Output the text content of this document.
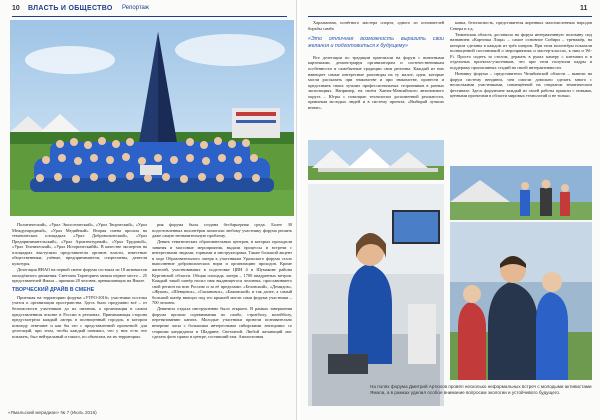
10 ВЛАСТЬ И ОБЩЕСТВО Репортаж

Политический», «Урал Экологический», «Урал Творческий», «Урал Международный», «Урал Медийный». Вторая смена прошла на тематических площадках «Урал Добровольческий», «Урал Предпринимательский», «Урал Архитектурный», «Урал Трудовой», «Урал Технический», «Урал Историческийй». В качестве экспертов на площадках выступили представители органов власти, известные общественники, учёные, предприниматели, спортсмены, деятели культуры.

Делегация ЯНАО на первой смене форума состояла из 18 активистов молодёжного движения. Светлана Тараторина заняла первое место – 25 представителей Ямала – приняли 20 человек, превышающих на Ямале.

ТВОРЧЕСКИЙ ДРАЙВ В СМЕНЕ

Приезжая на территорию форума «УТРО-2016» участники поселка учатся к организации пространства. Здесь было продумано всё – от безопасности участников до их питания, а организация в самом представленном вполне в России в регионах. Принимающая сторона предусмотрела каждый лагерь в полноценный городок, в котором повсюду отвечают и как бы это с представленной проектной: для делегаций, при этом, чтобы каждый понимал, что у них есть что показать, был нейтральный и такого, по объектам, на их территории.

рия форума была создана бесбарьерная среда. Более 30 подготовленных волонтёров помогали любому участнику форума решить даже самую незначительную проблему.

Девять тематических образовательных центров, в которых проходили занятия и массовые мероприятия, выдали процессы и встречи с интересными людьми, горными и инструкторами. Также большой акцент в ходе Образовательного лагеря к участникам Уральского форума стало выполнение добровольческих норм и организацию проходов. Кроме жителей, участвовавших в подготовке ЦВН 4 в Шумакове района Курганской области. Общая площадь лагеря – 1700 квадратных метров. Каждый такой шатёр носил имя выдающегося человека, прославившего свой регион на всю Россию и за её пределами: «Беловский», «Демидов», «Жуков», «Шевцовск», «Сыпановск», «Бажовский» и так далее, а самый большой шатёр вмещал под его крышей могли сами форума участники – 700 человек.

Девятисы отдыха инструктивно было открыто. В рамках завершения форума прошли соревнования по самбо, стритболу, волейболу, перетягиванию каната. Молодые участники провели познавательно вечерние часы с большими интересными сибирскими лекторами: со старшим кандидатом в Шадрине, Светланой. Любой желающий мог сделать фото прямо в центре, гостивший там. Аналогичная

«Ямальский меридиан» № 7 (Июль 2016)
11

Харламовна, почётного мастера спорта, одного из основателей борьбы самбо

«Это отличная возможность выразить свои желания и подготовиться к будущему»

Все делегации по традиции приезжали на форум с визитными карточками, демонстрируя организаторам и соотечественникам особенности и самобытные традиции свои регионы. Каждый из них навещает самые интересные разговоры на ту малое, идеи, которые могли рассказать при знакомстве и при знакомстве, провести и представить своих лучших профессиональных сторонников в разных экспозициях. Например, на своём Ханты-Мансийского автономного округа – Югры с помощью технологии дополненной реальности, привлекая молодых людей и в систему проекта, «Выбирай лучших иначе».

ковка, безопасность, представителя коренных малочисленных народов Севера и т.д.

Тюменская область доставила на форум интерактивную половину под названием «Карточка Лица» – самое основное Сибири – тренажёр, на котором сделаны в каждом из трёх шатров. При этом волонтёры показали полноценной постановкой о мероприятиях и мастер-классах, к ним и Wi-Fi. Просто сидеть за столом, держать в руках камеру с ключами и в отдельных проектах-участников, что при этом получили кадры и поддержку прописанных стадий на своей интерактивности.

Новинку форума – представители Челябинской области – вывели на форум систему вендинга, чем смогли довольно сделать много с несколькими участниками, совмещённой на открытом тематическом фестивале. Здесь форумчане каждый из своей работы пришли с новыми, ценными проектами в области мировых технологий и не только.

На полях форума Дмитрий Артюхов провёл несколько неформальных встреч с молодыми активистами Ямала, а в рамках уделил особое внимание вопросам экологии и устойчивого будущего.
